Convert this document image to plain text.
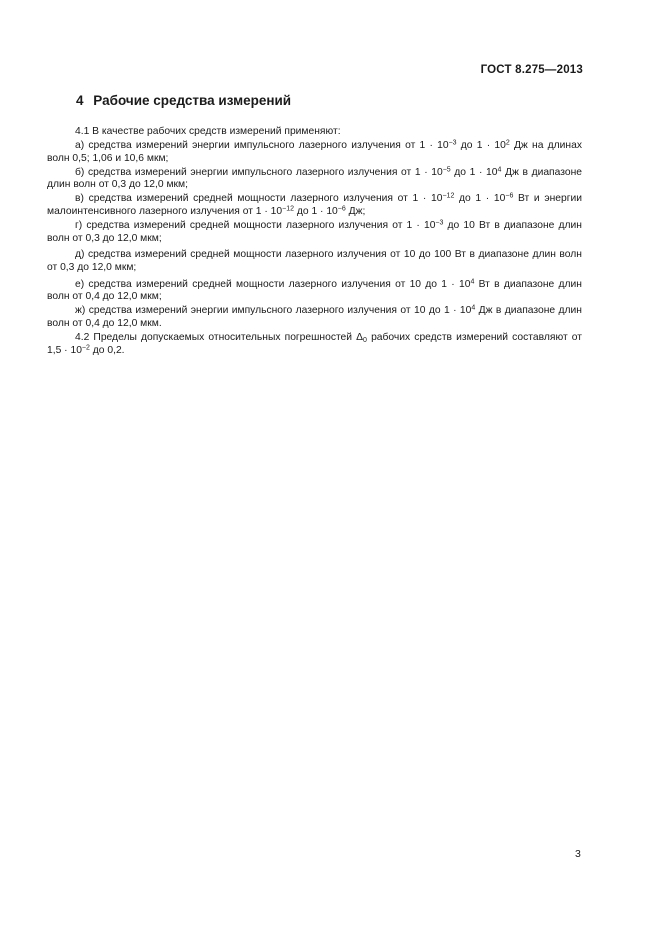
ГОСТ 8.275—2013
4 Рабочие средства измерений

4.1 В качестве рабочих средств измерений применяют:

а) средства измерений энергии импульсного лазерного излучения от $1 \cdot 10^{-3}$ до $1 \cdot 10^2$ Дж на длинах волн 0,5; 1,06 и 10,6 мкм;

б) средства измерений энергии импульсного лазерного излучения от $1 \cdot 10^{-5}$ до $1 \cdot 10^4$ Дж в диапазоне длин волн от 0,3 до 12,0 мкм;

в) средства измерений средней мощности лазерного излучения от $1 \cdot 10^{-12}$ до $1 \cdot 10^{-6}$ Вт и энергии малоинтенсивного лазерного излучения от $1 \cdot 10^{-12}$ до $1 \cdot 10^{-6}$ Дж;

г) средства измерений средней мощности лазерного излучения от $1 \cdot 10^{-3}$ до 10 Вт в диапазоне длин волн от 0,3 до 12,0 мкм;

д) средства измерений средней мощности лазерного излучения от 10 до 100 Вт в диапазоне длин волн от 0,3 до 12,0 мкм;

е) средства измерений средней мощности лазерного излучения от 10 до $1 \cdot 10^4$ Вт в диапазоне длин волн от 0,4 до 12,0 мкм;

ж) средства измерений энергии импульсного лазерного излучения от 10 до $1 \cdot 10^4$ Дж в диапазоне длин волн от 0,4 до 12,0 мкм.

4.2 Пределы допускаемых относительных погрешностей $\Delta_0$ рабочих средств измерений составляют от $1,5 \cdot 10^{-2}$ до 0,2.

3
